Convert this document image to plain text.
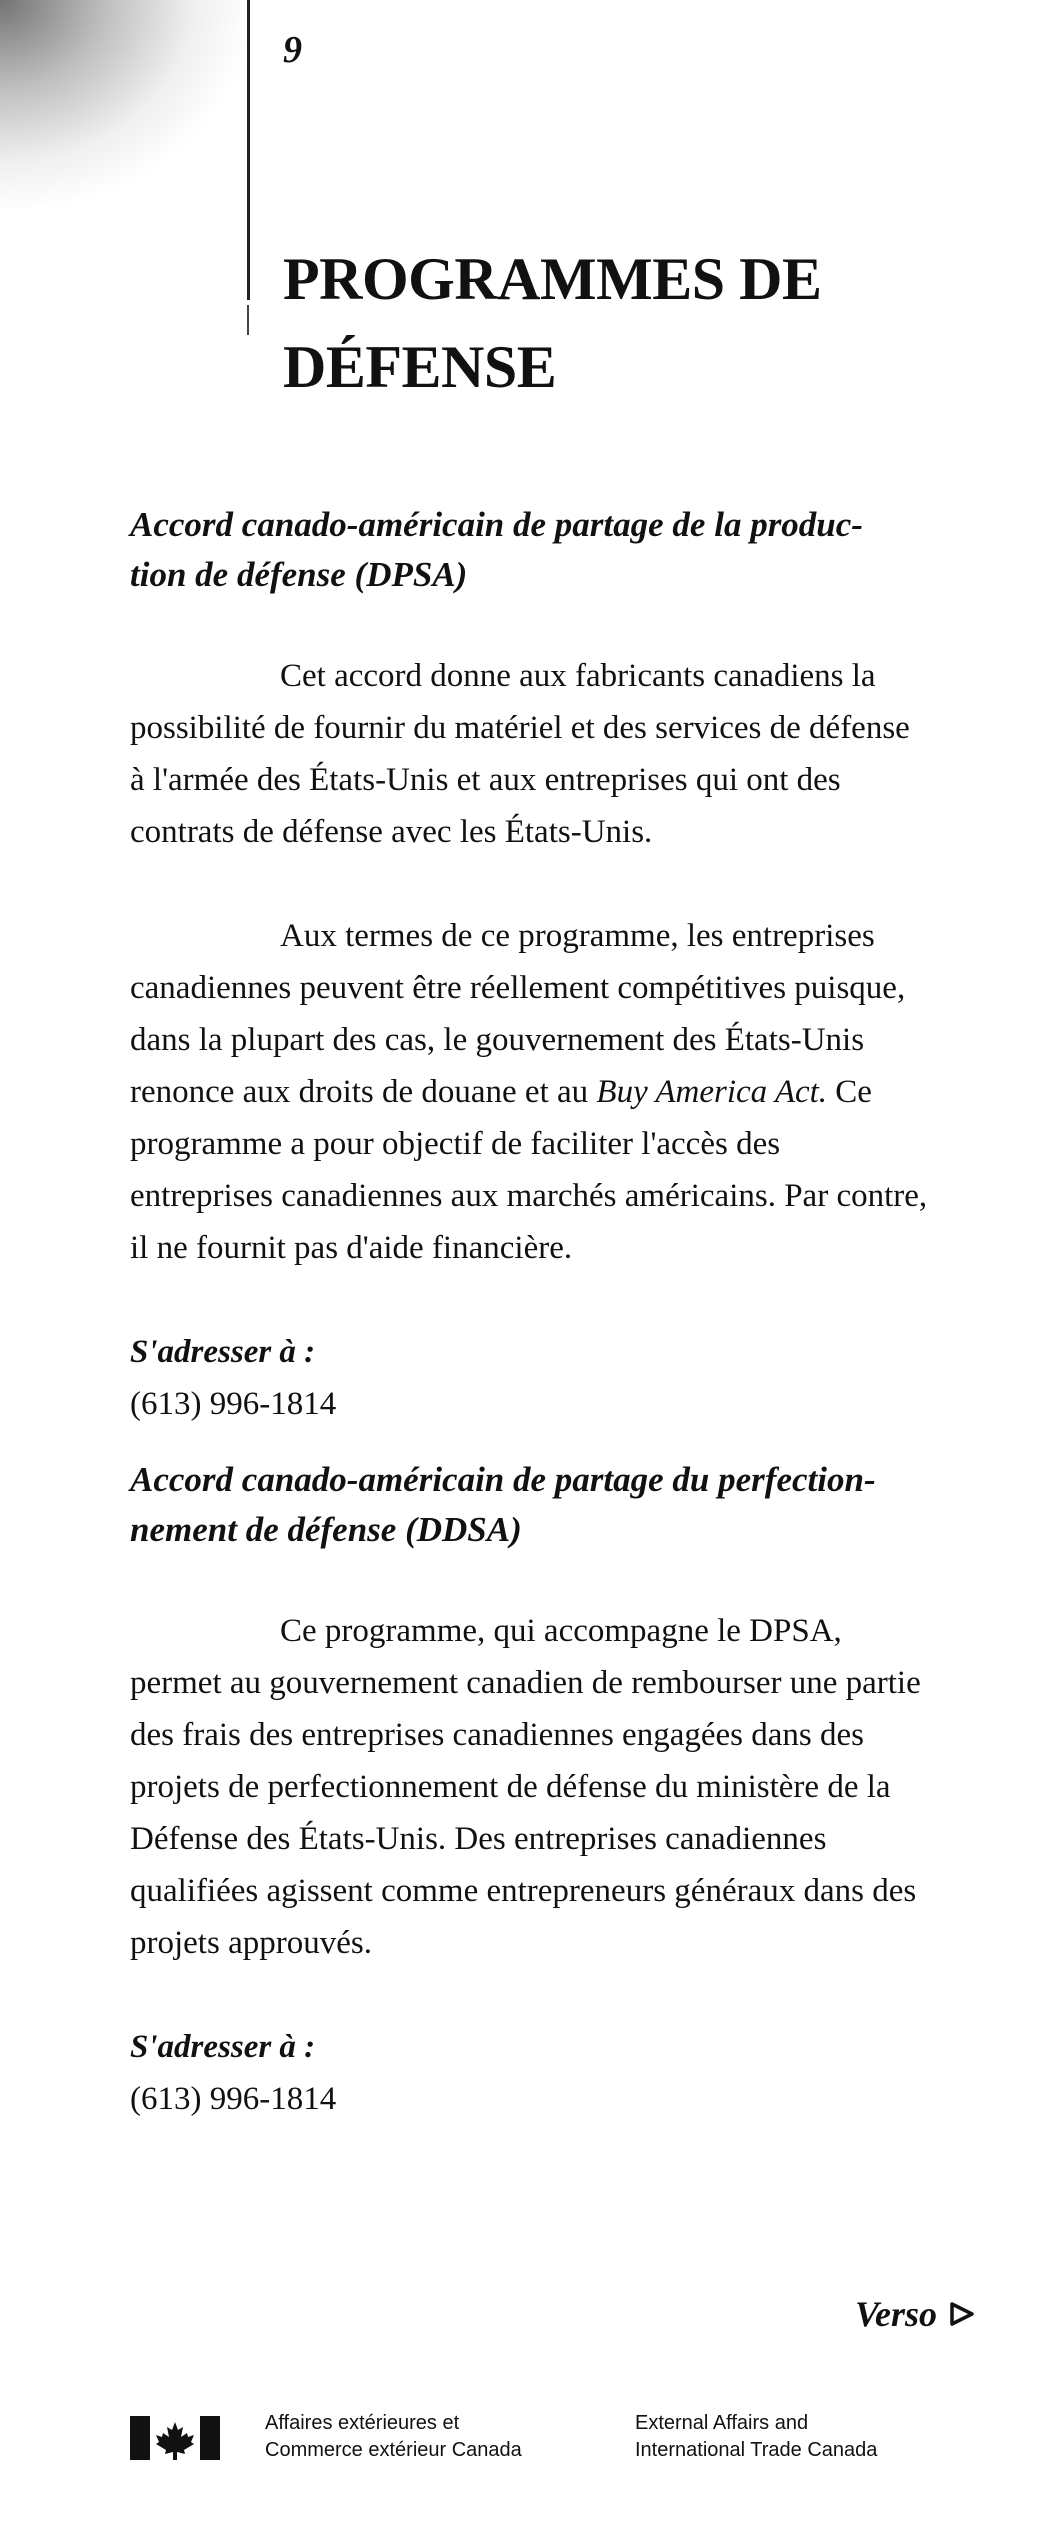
9
PROGRAMMES DE
DÉFENSE
Accord canado-américain de partage de la produc-
tion de défense (DPSA)

Cet accord donne aux fabricants canadiens la possibilité de fournir du matériel et des services de défense à l'armée des États-Unis et aux entreprises qui ont des contrats de défense avec les États-Unis.

Aux termes de ce programme, les entreprises canadiennes peuvent être réellement compétitives puisque, dans la plupart des cas, le gouvernement des États-Unis renonce aux droits de douane et au Buy America Act. Ce programme a pour objectif de faciliter l'accès des entreprises canadiennes aux marchés américains. Par contre, il ne fournit pas d'aide financière.

S'adresser à :

(613) 996-1814

Accord canado-américain de partage du perfection-
nement de défense (DDSA)

Ce programme, qui accompagne le DPSA, permet au gouvernement canadien de rembourser une partie des frais des entreprises canadiennes engagées dans des projets de perfectionnement de défense du ministère de la Défense des États-Unis. Des entreprises canadiennes qualifiées agissent comme entrepreneurs généraux dans des projets approuvés.

S'adresser à :

(613) 996-1814

Verso
Affaires extérieures et
Commerce extérieur Canada
External Affairs and
International Trade Canada
